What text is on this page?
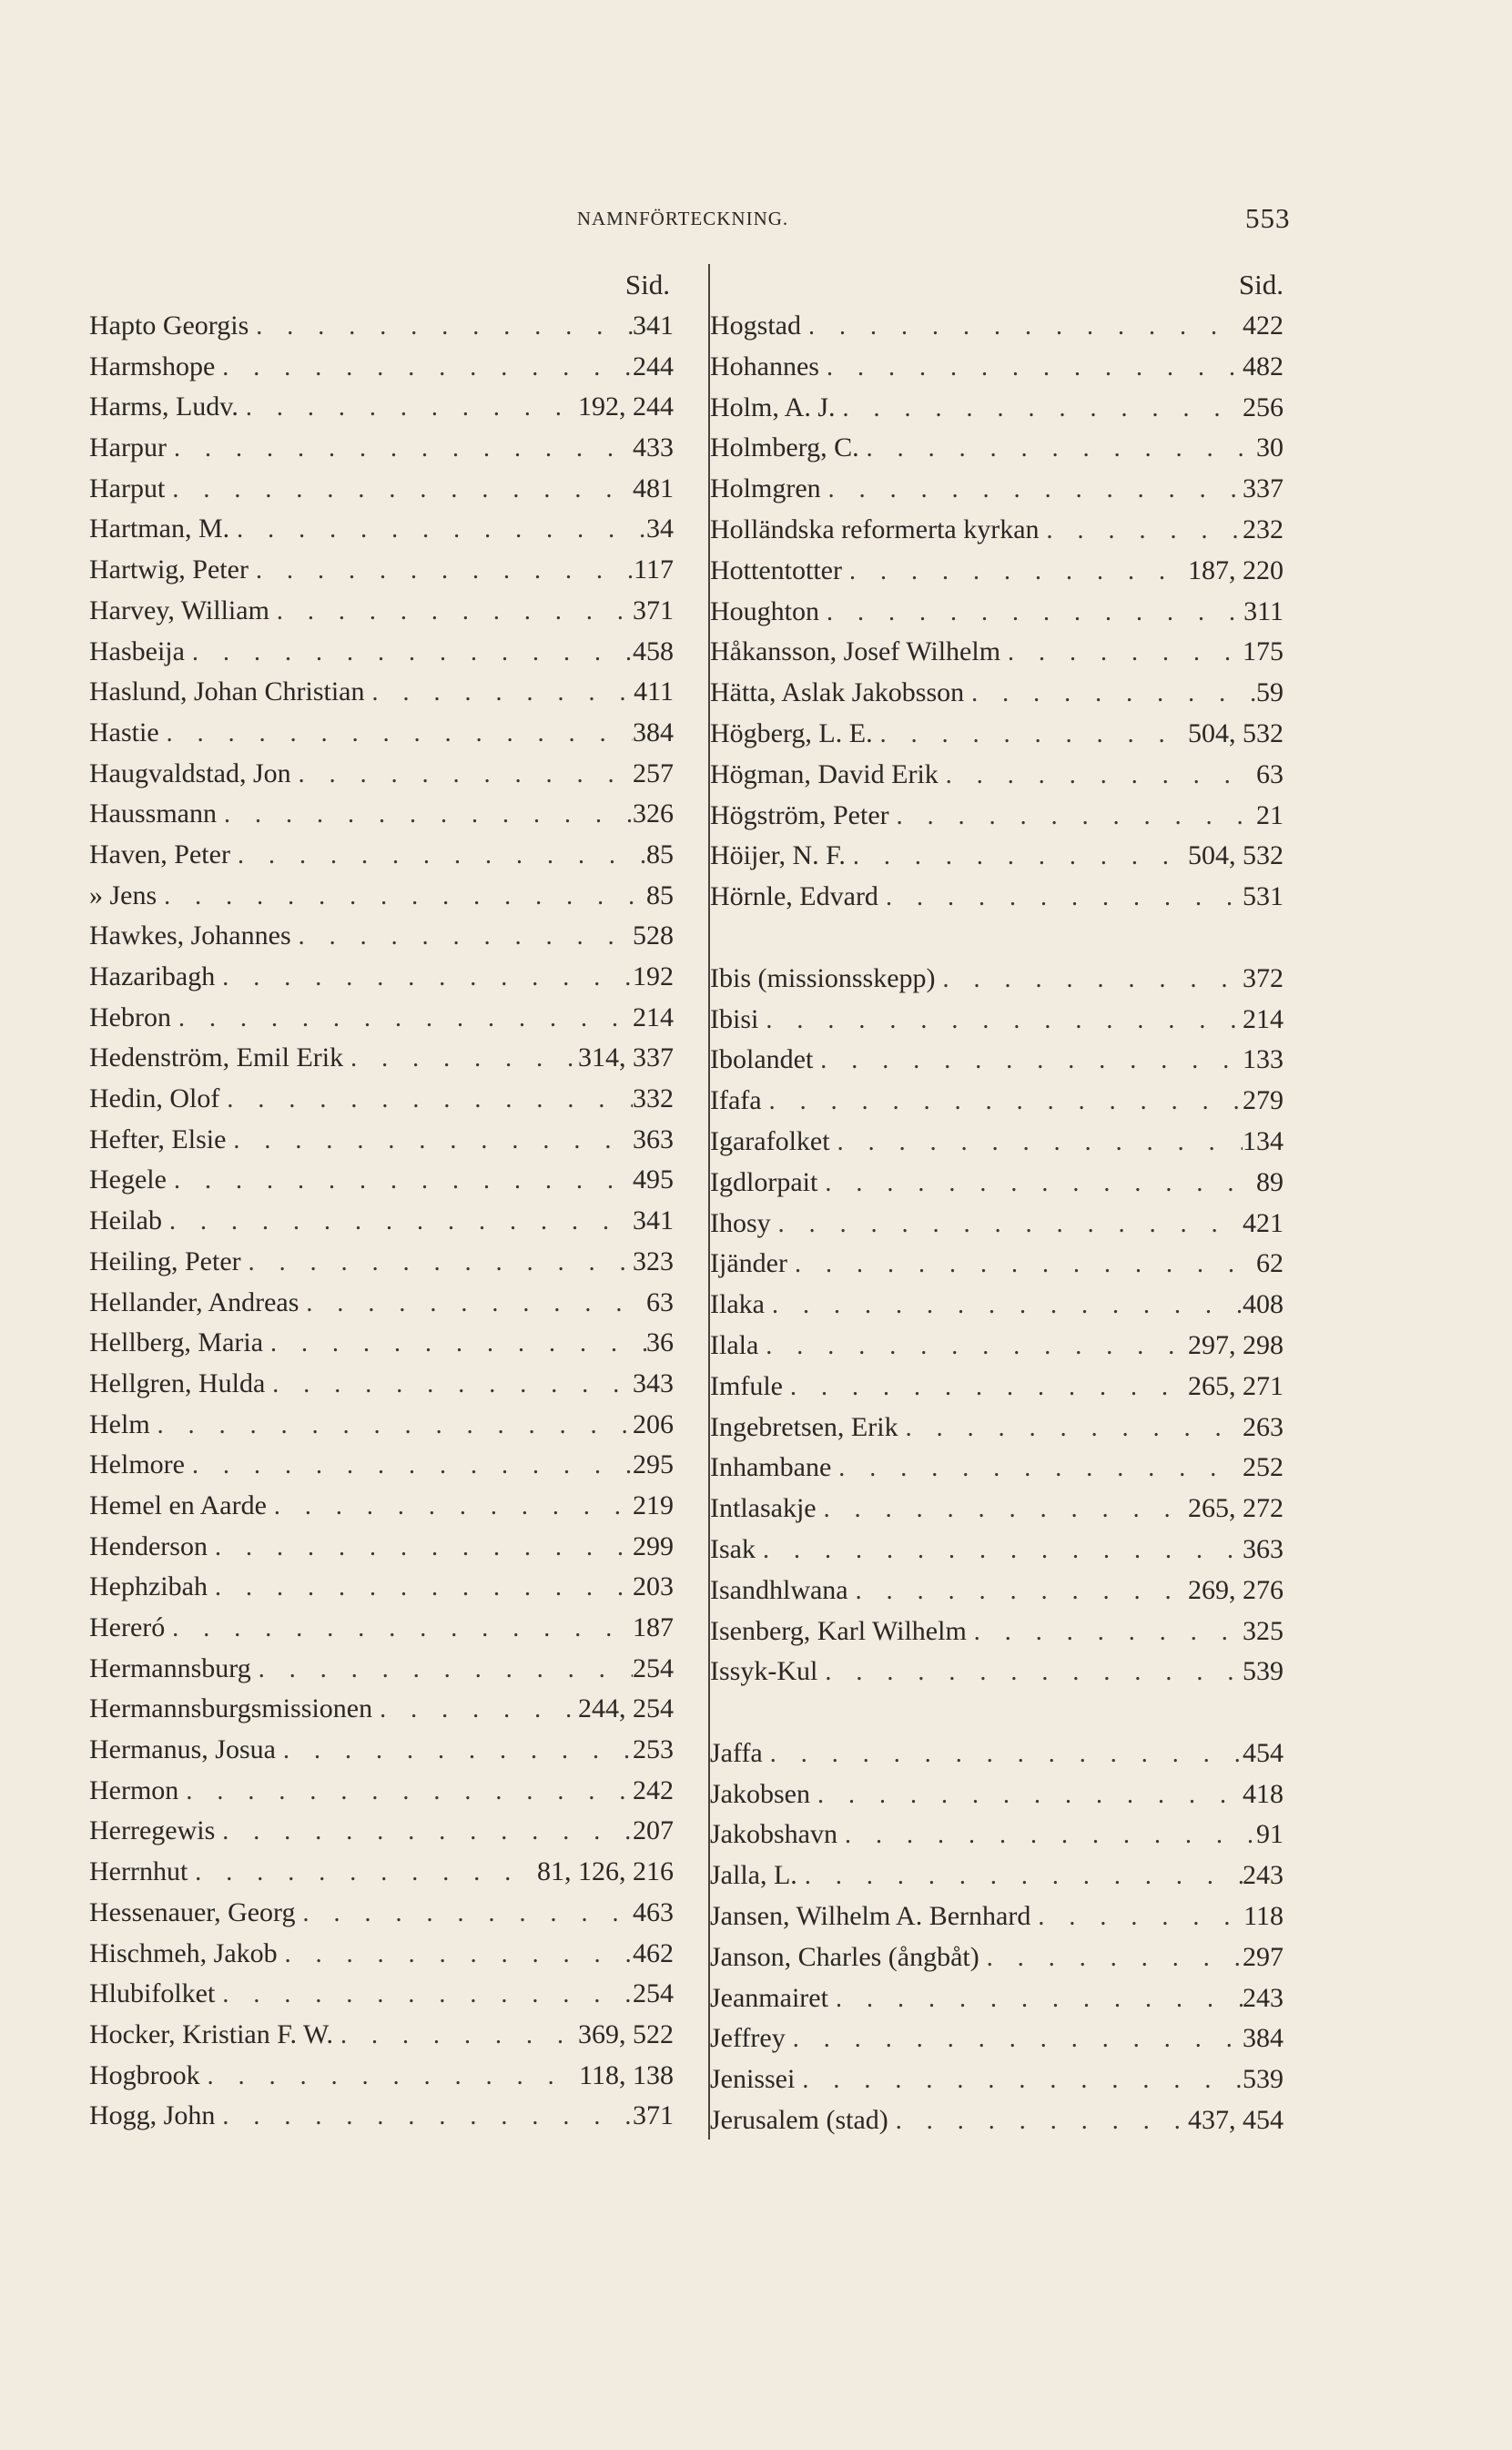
NAMNFÖRTECKNING.	553
Sid.
Hapto Georgis . . .	341
Harmshope . . .	244
Harms, Ludv. . . .	192, 244
Harpur . . .	433
Harput . . .	481
Hartman, M. . . .	34
Hartwig, Peter . . .	117
Harvey, William . . .	371
Hasbeija . . .	458
Haslund, Johan Christian . . .	411
Hastie . . .	384
Haugvaldstad, Jon . . .	257
Haussmann . . .	326
Haven, Peter . . .	85
» Jens . . .	85
Hawkes, Johannes . . .	528
Hazaribagh . . .	192
Hebron . . .	214
Hedenström, Emil Erik . . .	314, 337
Hedin, Olof . . .	332
Hefter, Elsie . . .	363
Hegele . . .	495
Heilab . . .	341
Heiling, Peter . . .	323
Hellander, Andreas . . .	63
Hellberg, Maria . . .	36
Hellgren, Hulda . . .	343
Helm . . .	206
Helmore . . .	295
Hemel en Aarde . . .	219
Henderson . . .	299
Hephzibah . . .	203
Hereró . . .	187
Hermannsburg . . .	254
Hermannsburgsmissionen . . .	244, 254
Hermanus, Josua . . .	253
Hermon . . .	242
Herregewis . . .	207
Herrnhut . . .	81, 126, 216
Hessenauer, Georg . . .	463
Hischmeh, Jakob . . .	462
Hlubifolket . . .	254
Hocker, Kristian F. W. . . .	369, 522
Hogbrook . . .	118, 138
Hogg, John . . .	371
Sid.
Hogstad . . .	422
Hohannes . . .	482
Holm, A. J. . . .	256
Holmberg, C. . . .	30
Holmgren . . .	337
Holländska reformerta kyrkan . . .	232
Hottentotter . . .	187, 220
Houghton . . .	311
Håkansson, Josef Wilhelm . . .	175
Hätta, Aslak Jakobsson . . .	59
Högberg, L. E. . . .	504, 532
Högman, David Erik . . .	63
Högström, Peter . . .	21
Höijer, N. F. . . .	504, 532
Hörnle, Edvard . . .	531
Ibis (missionsskepp) . . .	372
Ibisi . . .	214
Ibolandet . . .	133
Ifafa . . .	279
Igarafolket . . .	134
Igdlorpait . . .	89
Ihosy . . .	421
Ijänder . . .	62
Ilaka . . .	408
Ilala . . .	297, 298
Imfule . . .	265, 271
Ingebretsen, Erik . . .	263
Inhambane . . .	252
Intlasakje . . .	265, 272
Isak . . .	363
Isandhlwana . . .	269, 276
Isenberg, Karl Wilhelm . . .	325
Issyk-Kul . . .	539
Jaffa . . .	454
Jakobsen . . .	418
Jakobshavn . . .	91
Jalla, L. . . .	243
Jansen, Wilhelm A. Bernhard . . .	118
Janson, Charles (ångbåt) . . .	297
Jeanmairet . . .	243
Jeffrey . . .	384
Jenissei . . .	539
Jerusalem (stad) . . .	437, 454
